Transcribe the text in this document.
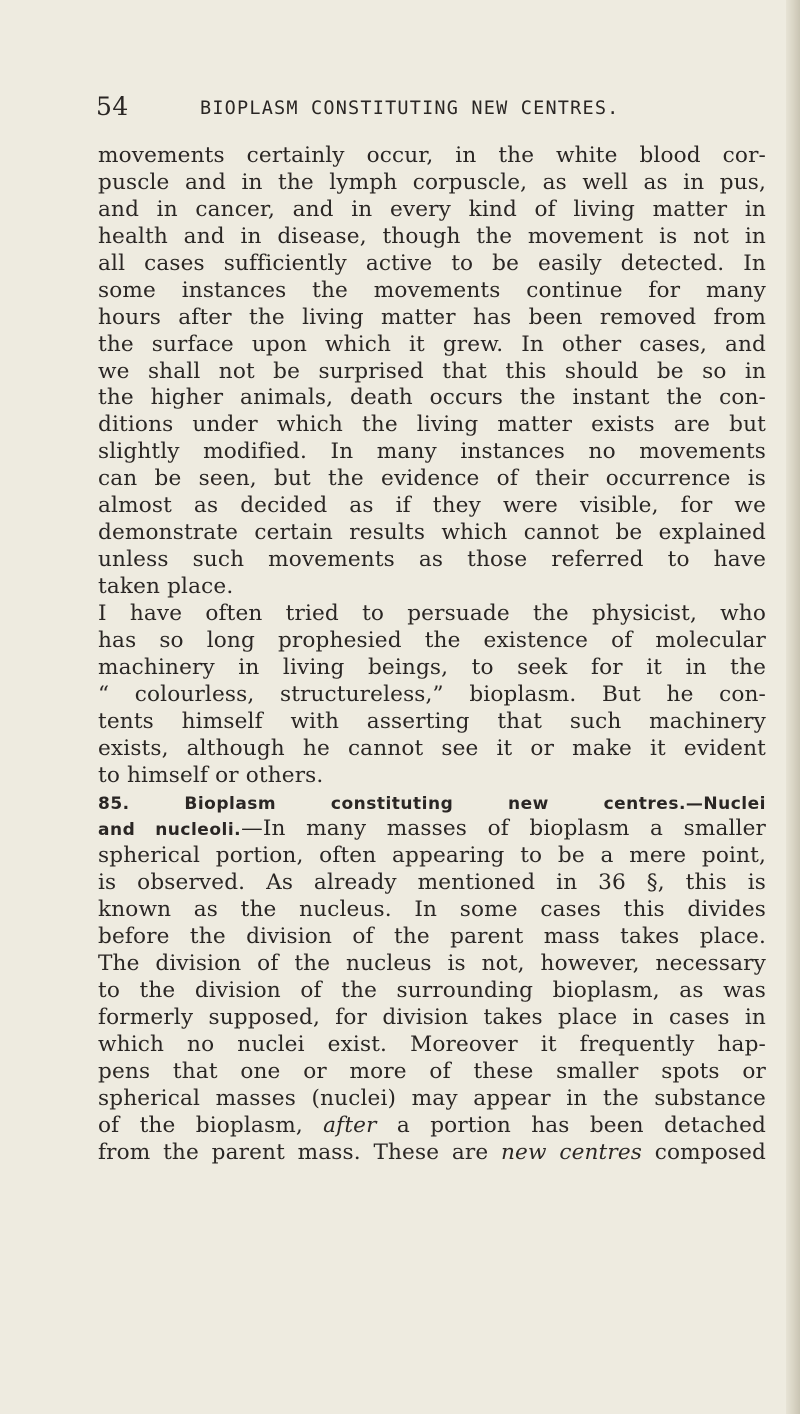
54	BIOPLASM CONSTITUTING NEW CENTRES.
movements certainly occur, in the white blood cor-
puscle and in the lymph corpuscle, as well as in pus,
and in cancer, and in every kind of living matter in
health and in disease, though the movement is not in
all cases sufficiently active to be easily detected. In
some instances the movements continue for many
hours after the living matter has been removed from
the surface upon which it grew. In other cases, and
we shall not be surprised that this should be so in
the higher animals, death occurs the instant the con-
ditions under which the living matter exists are but
slightly modified. In many instances no movements
can be seen, but the evidence of their occurrence is
almost as decided as if they were visible, for we
demonstrate certain results which cannot be explained
unless such movements as those referred to have
taken place.
I have often tried to persuade the physicist, who
has so long prophesied the existence of molecular
machinery in living beings, to seek for it in the
“ colourless, structureless,” bioplasm. But he con-
tents himself with asserting that such machinery
exists, although he cannot see it or make it evident
to himself or others.
85. Bioplasm constituting new centres.—Nuclei
and nucleoli.—In many masses of bioplasm a smaller
spherical portion, often appearing to be a mere point,
is observed. As already mentioned in 36 §, this is
known as the nucleus. In some cases this divides
before the division of the parent mass takes place.
The division of the nucleus is not, however, necessary
to the division of the surrounding bioplasm, as was
formerly supposed, for division takes place in cases in
which no nuclei exist. Moreover it frequently hap-
pens that one or more of these smaller spots or
spherical masses (nuclei) may appear in the substance
of the bioplasm, after a portion has been detached
from the parent mass. These are new centres composed
